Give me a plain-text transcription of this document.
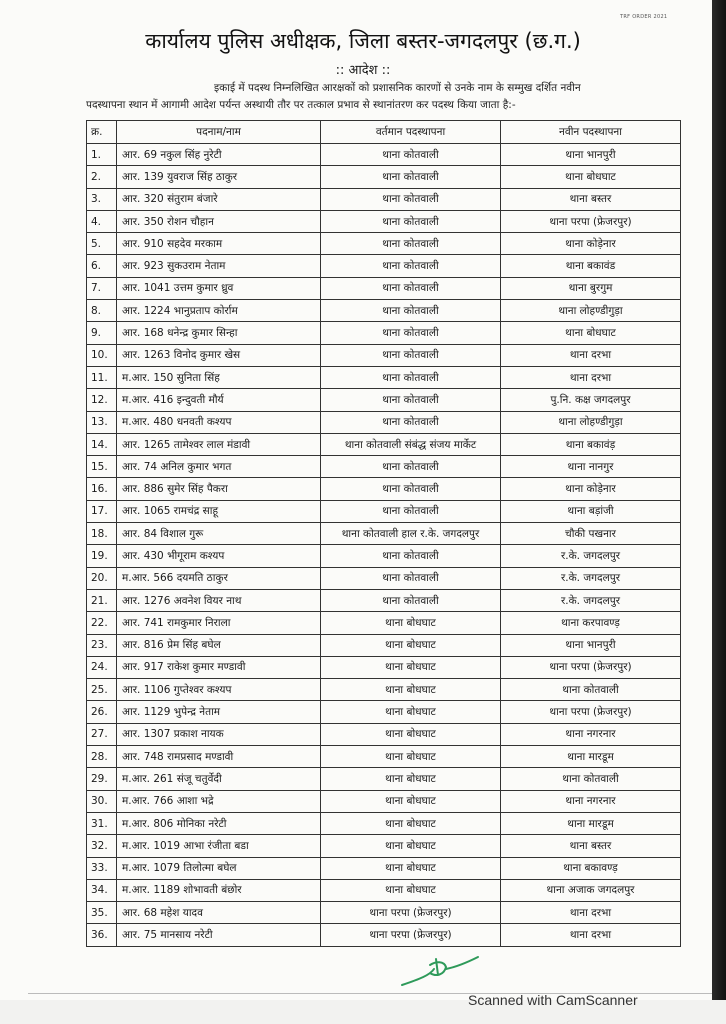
TRF ORDER 2021
कार्यालय पुलिस अधीक्षक, जिला बस्तर-जगदलपुर (छ.ग.)
:: आदेश ::
इकाई में पदस्थ निम्नलिखित आरक्षकों को प्रशासनिक कारणों से उनके नाम के सम्मुख दर्शित नवीन
पदस्थापना स्थान में आगामी आदेश पर्यन्त अस्थायी तौर पर तत्काल प्रभाव से स्थानांतरण कर पदस्थ किया जाता है:-
क्र.	पदनाम/नाम	वर्तमान पदस्थापना	नवीन पदस्थापना
1.	आर. 69 नकुल सिंह नुरेटी	थाना कोतवाली	थाना भानपुरी
2.	आर. 139 युवराज सिंह ठाकुर	थाना कोतवाली	थाना बोधघाट
3.	आर. 320 संतुराम बंजारे	थाना कोतवाली	थाना बस्तर
4.	आर. 350 रोशन चौहान	थाना कोतवाली	थाना परपा (फ्रेजरपुर)
5.	आर. 910 सहदेव मरकाम	थाना कोतवाली	थाना कोड़ेनार
6.	आर. 923 सुकउराम नेताम	थाना कोतवाली	थाना बकावंड
7.	आर. 1041 उत्तम कुमार ध्रुव	थाना कोतवाली	थाना बुरगुम
8.	आर. 1224 भानुप्रताप कोर्राम	थाना कोतवाली	थाना लोहण्डीगुड़ा
9.	आर. 168 धनेन्द्र कुमार सिन्हा	थाना कोतवाली	थाना बोधघाट
10.	आर. 1263 विनोद कुमार खेस	थाना कोतवाली	थाना दरभा
11.	म.आर. 150 सुनिता सिंह	थाना कोतवाली	थाना दरभा
12.	म.आर. 416 इन्दुवती मौर्य	थाना कोतवाली	पु.नि. कक्ष जगदलपुर
13.	म.आर. 480 धनवती कश्यप	थाना कोतवाली	थाना लोहण्डीगुड़ा
14.	आर. 1265 तामेश्वर लाल मंडावी	थाना कोतवाली संबंद्ध संजय मार्केट	थाना बकावंड़
15.	आर. 74 अनिल कुमार भगत	थाना कोतवाली	थाना नानगुर
16.	आर. 886 सुमेर सिंह पैकरा	थाना कोतवाली	थाना कोड़ेनार
17.	आर. 1065 रामचंद्र साहू	थाना कोतवाली	थाना बड़ांजी
18.	आर. 84 विशाल गुरू	थाना कोतवाली हाल र.के. जगदलपुर	चौकी पखनार
19.	आर. 430 भीगूराम कश्यप	थाना कोतवाली	र.के. जगदलपुर
20.	म.आर. 566 दयमति ठाकुर	थाना कोतवाली	र.के. जगदलपुर
21.	आर. 1276 अवनेश वियर नाथ	थाना कोतवाली	र.के. जगदलपुर
22.	आर. 741 रामकुमार निराला	थाना बोधघाट	थाना करपावण्ड़
23.	आर. 816 प्रेम सिंह बघेल	थाना बोधघाट	थाना भानपुरी
24.	आर. 917 राकेश कुमार मण्डावी	थाना बोधघाट	थाना परपा (फ्रेजरपुर)
25.	आर. 1106 गुप्तेश्वर कश्यप	थाना बोधघाट	थाना कोतवाली
26.	आर. 1129 भुपेन्द्र नेताम	थाना बोधघाट	थाना परपा (फ्रेजरपुर)
27.	आर. 1307 प्रकाश नायक	थाना बोधघाट	थाना नगरनार
28.	आर. 748 रामप्रसाद मण्डावी	थाना बोधघाट	थाना मारडूम
29.	म.आर. 261 संजू चतुर्वेदी	थाना बोधघाट	थाना कोतवाली
30.	म.आर. 766 आशा भद्रे	थाना बोधघाट	थाना नगरनार
31.	म.आर. 806 मोनिका नरेटी	थाना बोधघाट	थाना मारडूम
32.	म.आर. 1019 आभा रंजीता बडा	थाना बोधघाट	थाना बस्तर
33.	म.आर. 1079 तिलोत्मा बघेल	थाना बोधघाट	थाना बकावण्ड़
34.	म.आर. 1189 शोभावती बंछोर	थाना बोधघाट	थाना अजाक जगदलपुर
35.	आर. 68 महेश यादव	थाना परपा (फ्रेजरपुर)	थाना दरभा
36.	आर. 75 मानसाय नरेटी	थाना परपा (फ्रेजरपुर)	थाना दरभा
Scanned with CamScanner
